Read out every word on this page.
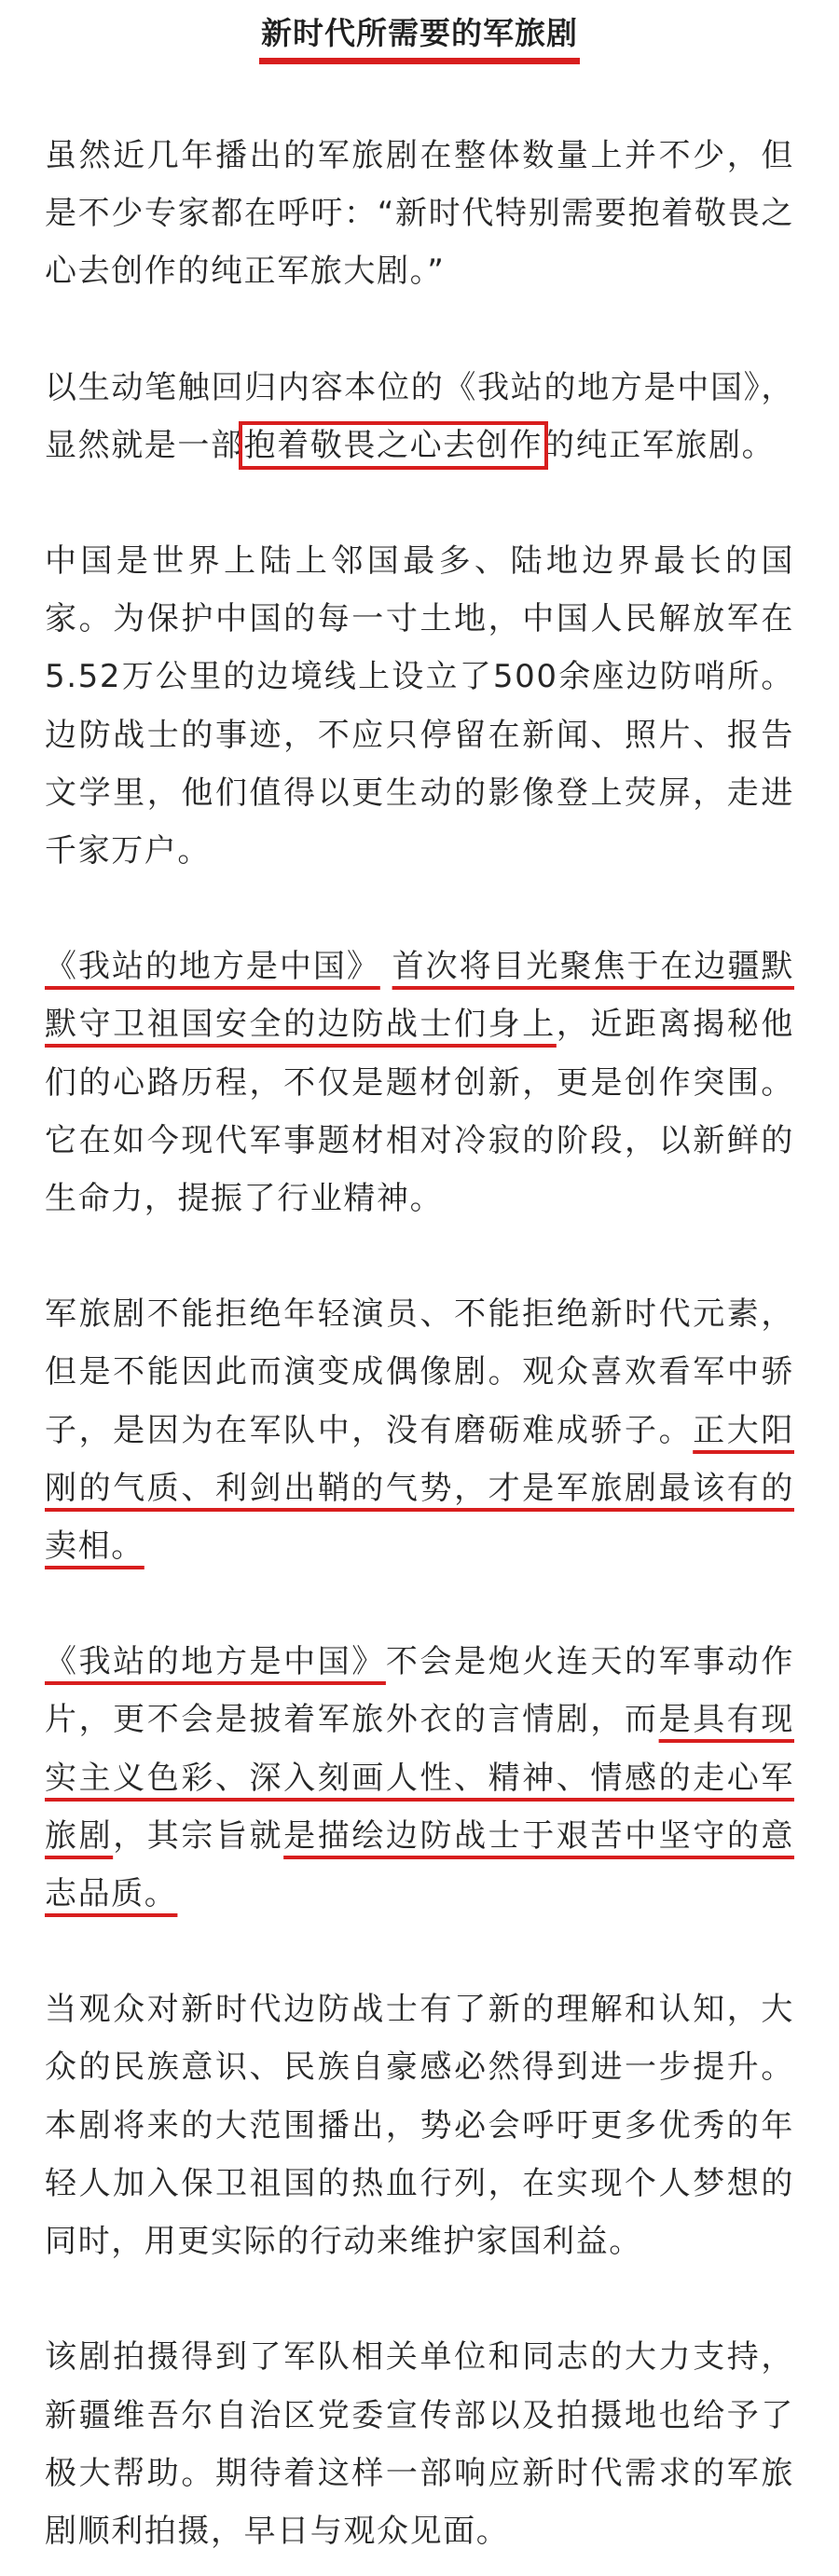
新时代所需要的军旅剧

虽然近几年播出的军旅剧在整体数量上并不少，但是不少专家都在呼吁：“新时代特别需要抱着敬畏之心去创作的纯正军旅大剧。”

以生动笔触回归内容本位的《我站的地方是中国》，显然就是一部抱着敬畏之心去创作的纯正军旅剧。

中国是世界上陆上邻国最多、陆地边界最长的国家。为保护中国的每一寸土地，中国人民解放军在5.52万公里的边境线上设立了500余座边防哨所。边防战士的事迹，不应只停留在新闻、照片、报告文学里，他们值得以更生动的影像登上荧屏，走进千家万户。

《我站的地方是中国》 首次将目光聚焦于在边疆默默守卫祖国安全的边防战士们身上，近距离揭秘他们的心路历程，不仅是题材创新，更是创作突围。它在如今现代军事题材相对冷寂的阶段，以新鲜的生命力，提振了行业精神。

军旅剧不能拒绝年轻演员、不能拒绝新时代元素，但是不能因此而演变成偶像剧。观众喜欢看军中骄子，是因为在军队中，没有磨砺难成骄子。正大阳刚的气质、利剑出鞘的气势，才是军旅剧最该有的卖相。

《我站的地方是中国》不会是炮火连天的军事动作片，更不会是披着军旅外衣的言情剧，而是具有现实主义色彩、深入刻画人性、精神、情感的走心军旅剧，其宗旨就是描绘边防战士于艰苦中坚守的意志品质。

当观众对新时代边防战士有了新的理解和认知，大众的民族意识、民族自豪感必然得到进一步提升。本剧将来的大范围播出，势必会呼吁更多优秀的年轻人加入保卫祖国的热血行列，在实现个人梦想的同时，用更实际的行动来维护家国利益。

该剧拍摄得到了军队相关单位和同志的大力支持，新疆维吾尔自治区党委宣传部以及拍摄地也给予了极大帮助。期待着这样一部响应新时代需求的军旅剧顺利拍摄，早日与观众见面。
